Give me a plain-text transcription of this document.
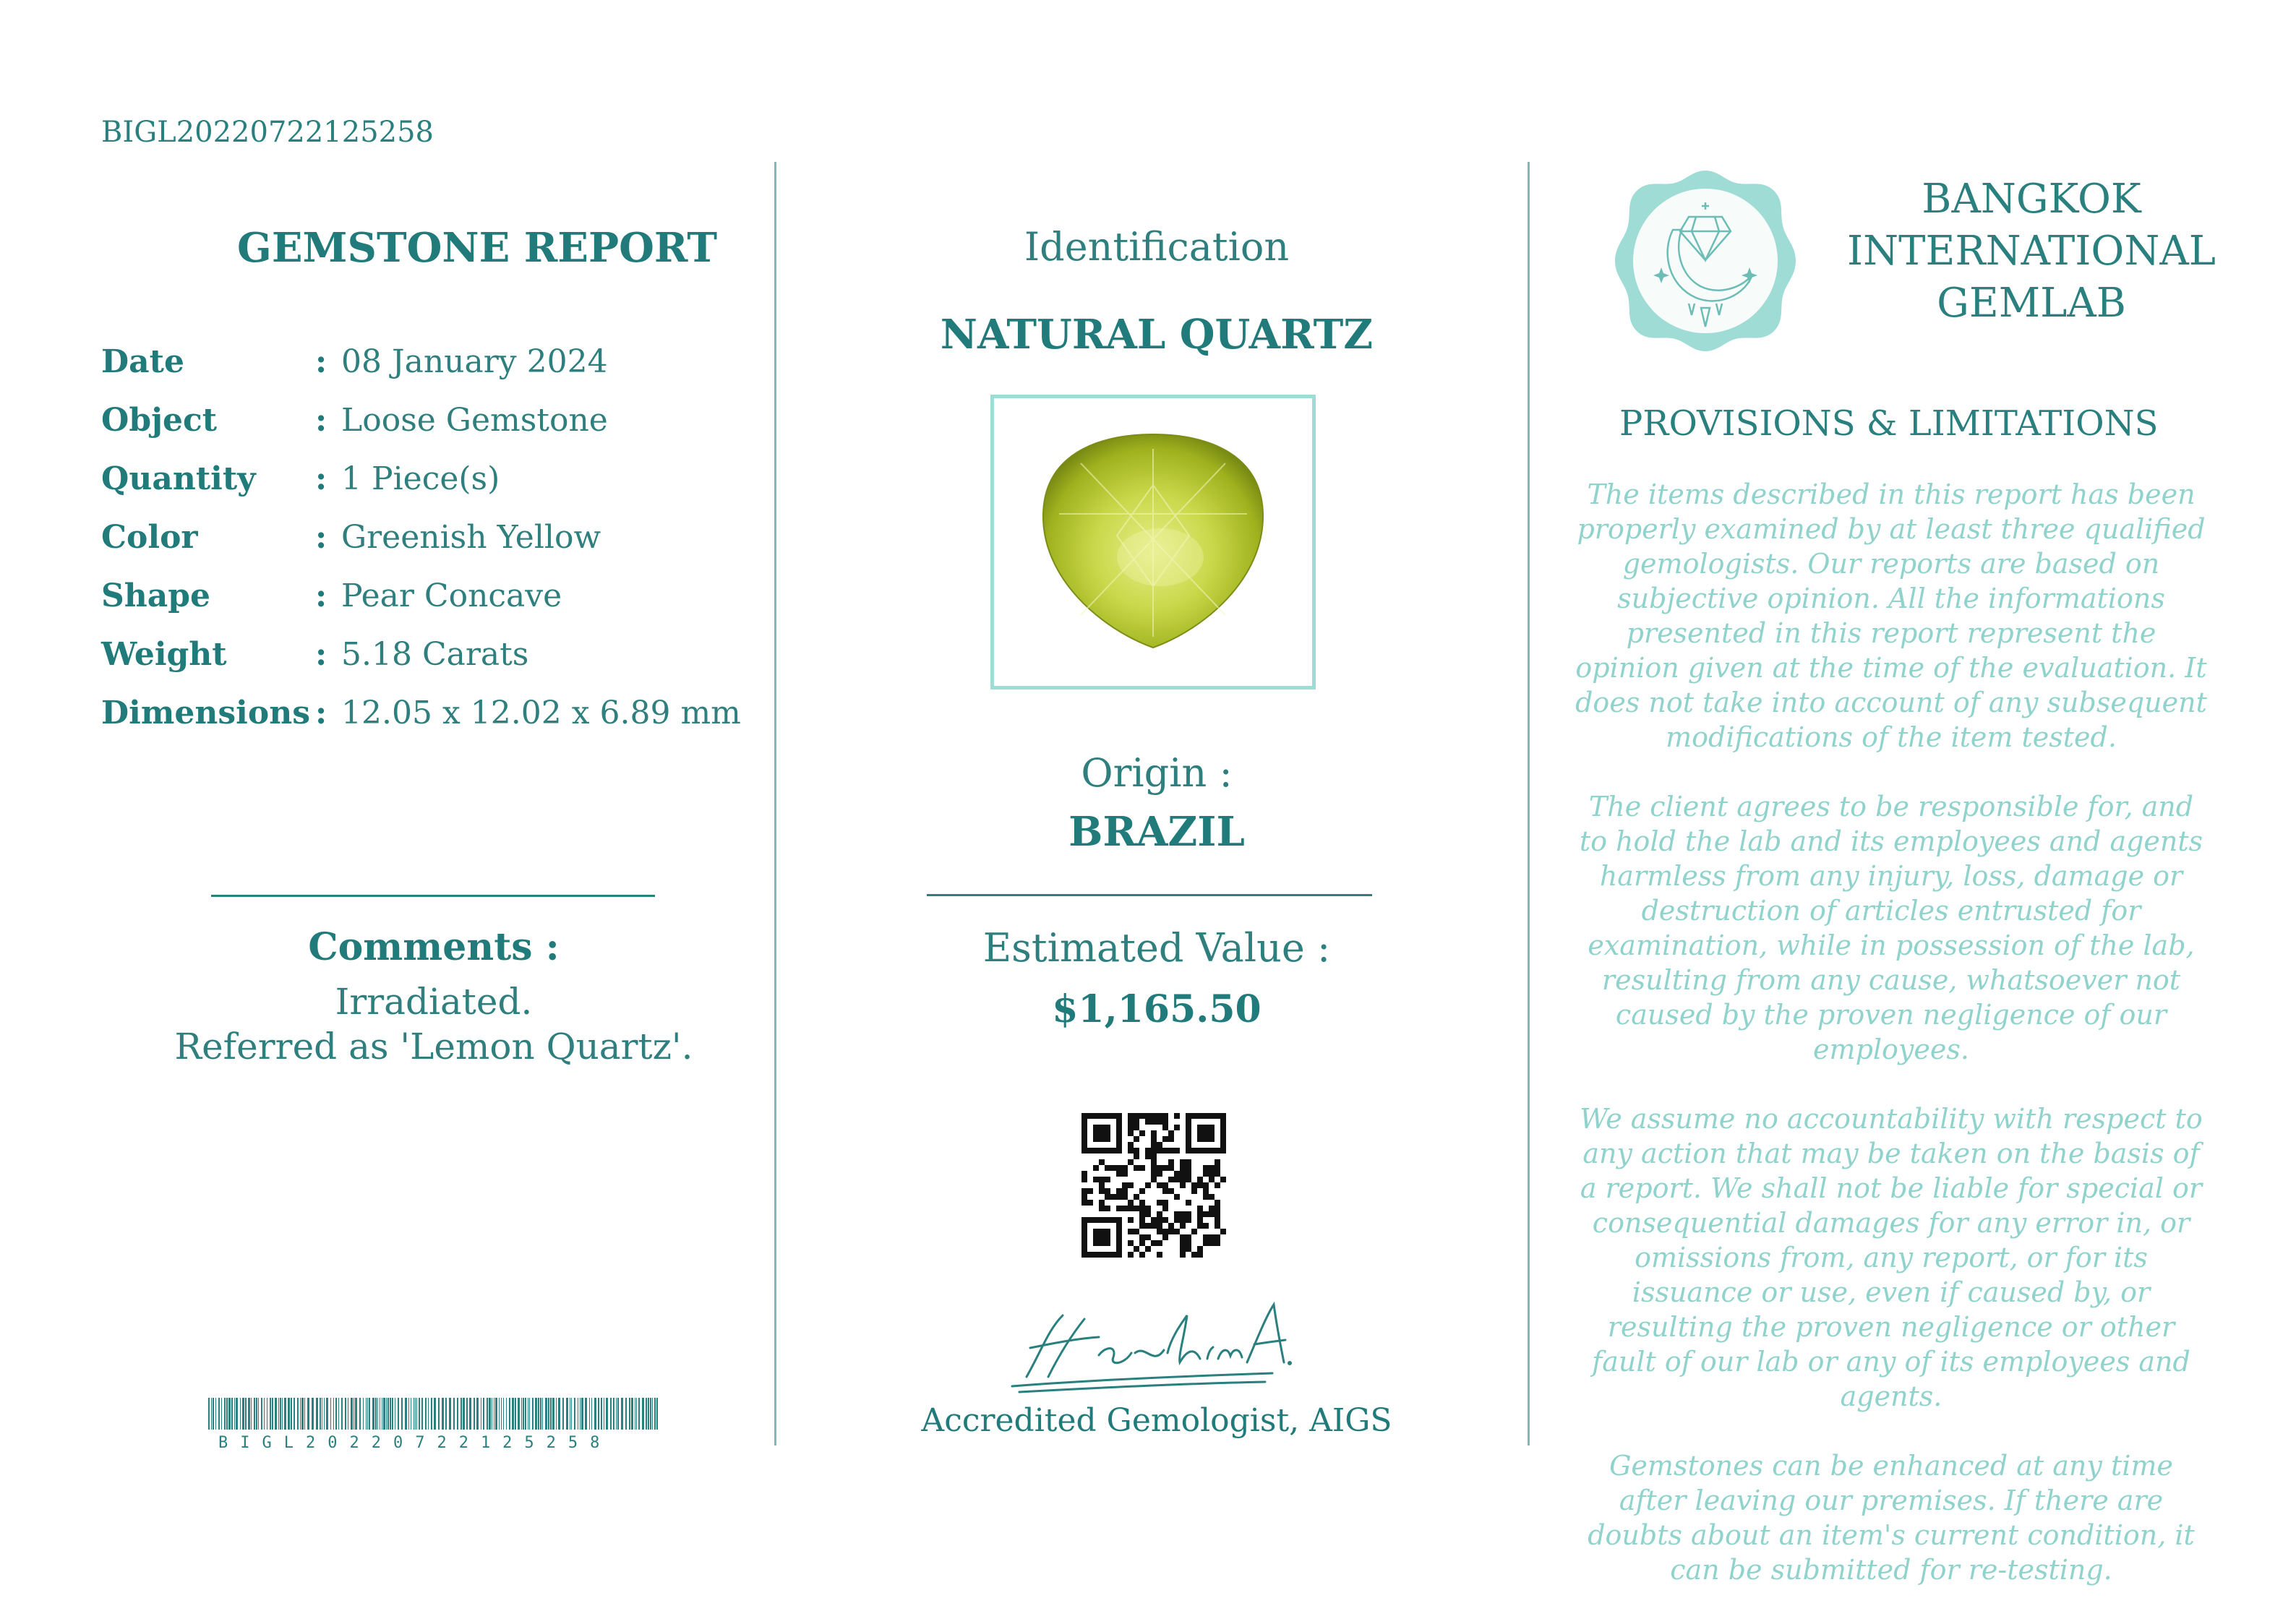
BIGL20220722125258
GEMSTONE REPORT
Date	: 08 January 2024
Object	: Loose Gemstone
Quantity : 1 Piece(s)
Color	: Greenish Yellow
Shape	: Pear Concave
Weight	: 5.18 Carats
Dimensions : 12.05 x 12.02 x 6.89 mm
Comments :
Irradiated.
Referred as 'Lemon Quartz'.
BIGL20220722125258
Identification
NATURAL QUARTZ
Origin :
BRAZIL
Estimated Value :
$1,165.50
Accredited Gemologist, AIGS
BANGKOK
INTERNATIONAL
GEMLAB
PROVISIONS & LIMITATIONS

The items described in this report has been properly examined by at least three qualified gemologists. Our reports are based on subjective opinion. All the informations presented in this report represent the opinion given at the time of the evaluation. It does not take into account of any subsequent modifications of the item tested.

The client agrees to be responsible for, and to hold the lab and its employees and agents harmless from any injury, loss, damage or destruction of articles entrusted for examination, while in possession of the lab, resulting from any cause, whatsoever not caused by the proven negligence of our employees.

We assume no accountability with respect to any action that may be taken on the basis of a report. We shall not be liable for special or consequential damages for any error in, or omissions from, any report, or for its issuance or use, even if caused by, or resulting the proven negligence or other fault of our lab or any of its employees and agents.

Gemstones can be enhanced at any time after leaving our premises. If there are doubts about an item's current condition, it can be submitted for re-testing.
